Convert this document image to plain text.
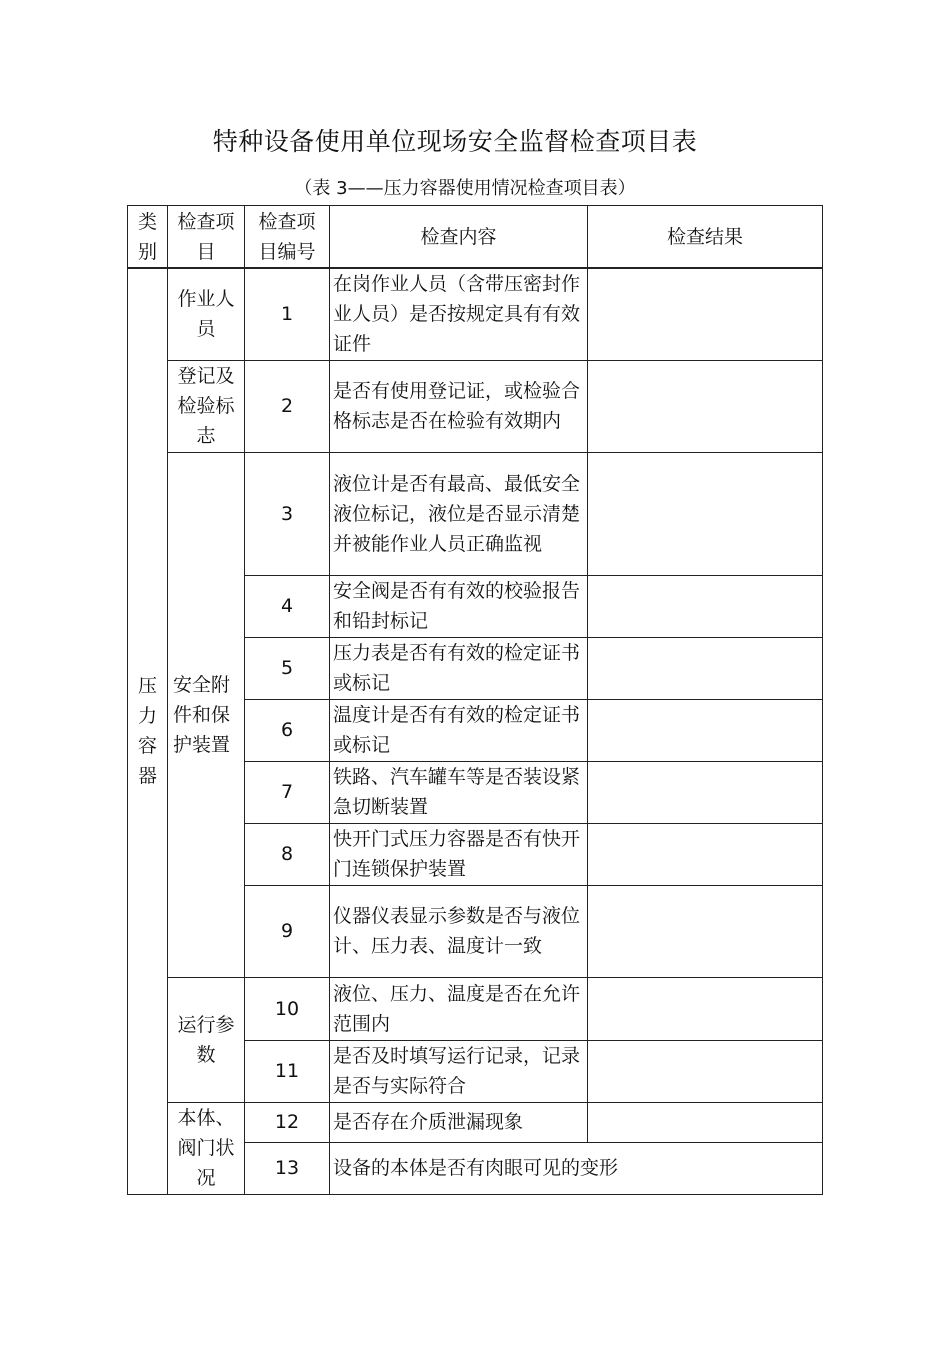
特种设备使用单位现场安全监督检查项目表
（表 3——压力容器使用情况检查项目表）
类别	检查项目	检查项目编号	检查内容	检查结果

压力容器	作业人员	1	在岗作业人员（含带压密封作业人员）是否按规定具有有效证件	

	登记及检验标志	2	是否有使用登记证，或检验合格标志是否在检验有效期内	

	安全附件和保护装置	3	液位计是否有最高、最低安全液位标记，液位是否显示清楚并被能作业人员正确监视	
		4	安全阀是否有有效的校验报告和铅封标记	
		5	压力表是否有有效的检定证书或标记	
		6	温度计是否有有效的检定证书或标记	
		7	铁路、汽车罐车等是否装设紧急切断装置	
		8	快开门式压力容器是否有快开门连锁保护装置	
		9	仪器仪表显示参数是否与液位计、压力表、温度计一致	

	运行参数	10	液位、压力、温度是否在允许范围内	
		11	是否及时填写运行记录，记录是否与实际符合	

	本体、阀门状况	12	是否存在介质泄漏现象	
		13	设备的本体是否有肉眼可见的变形	
